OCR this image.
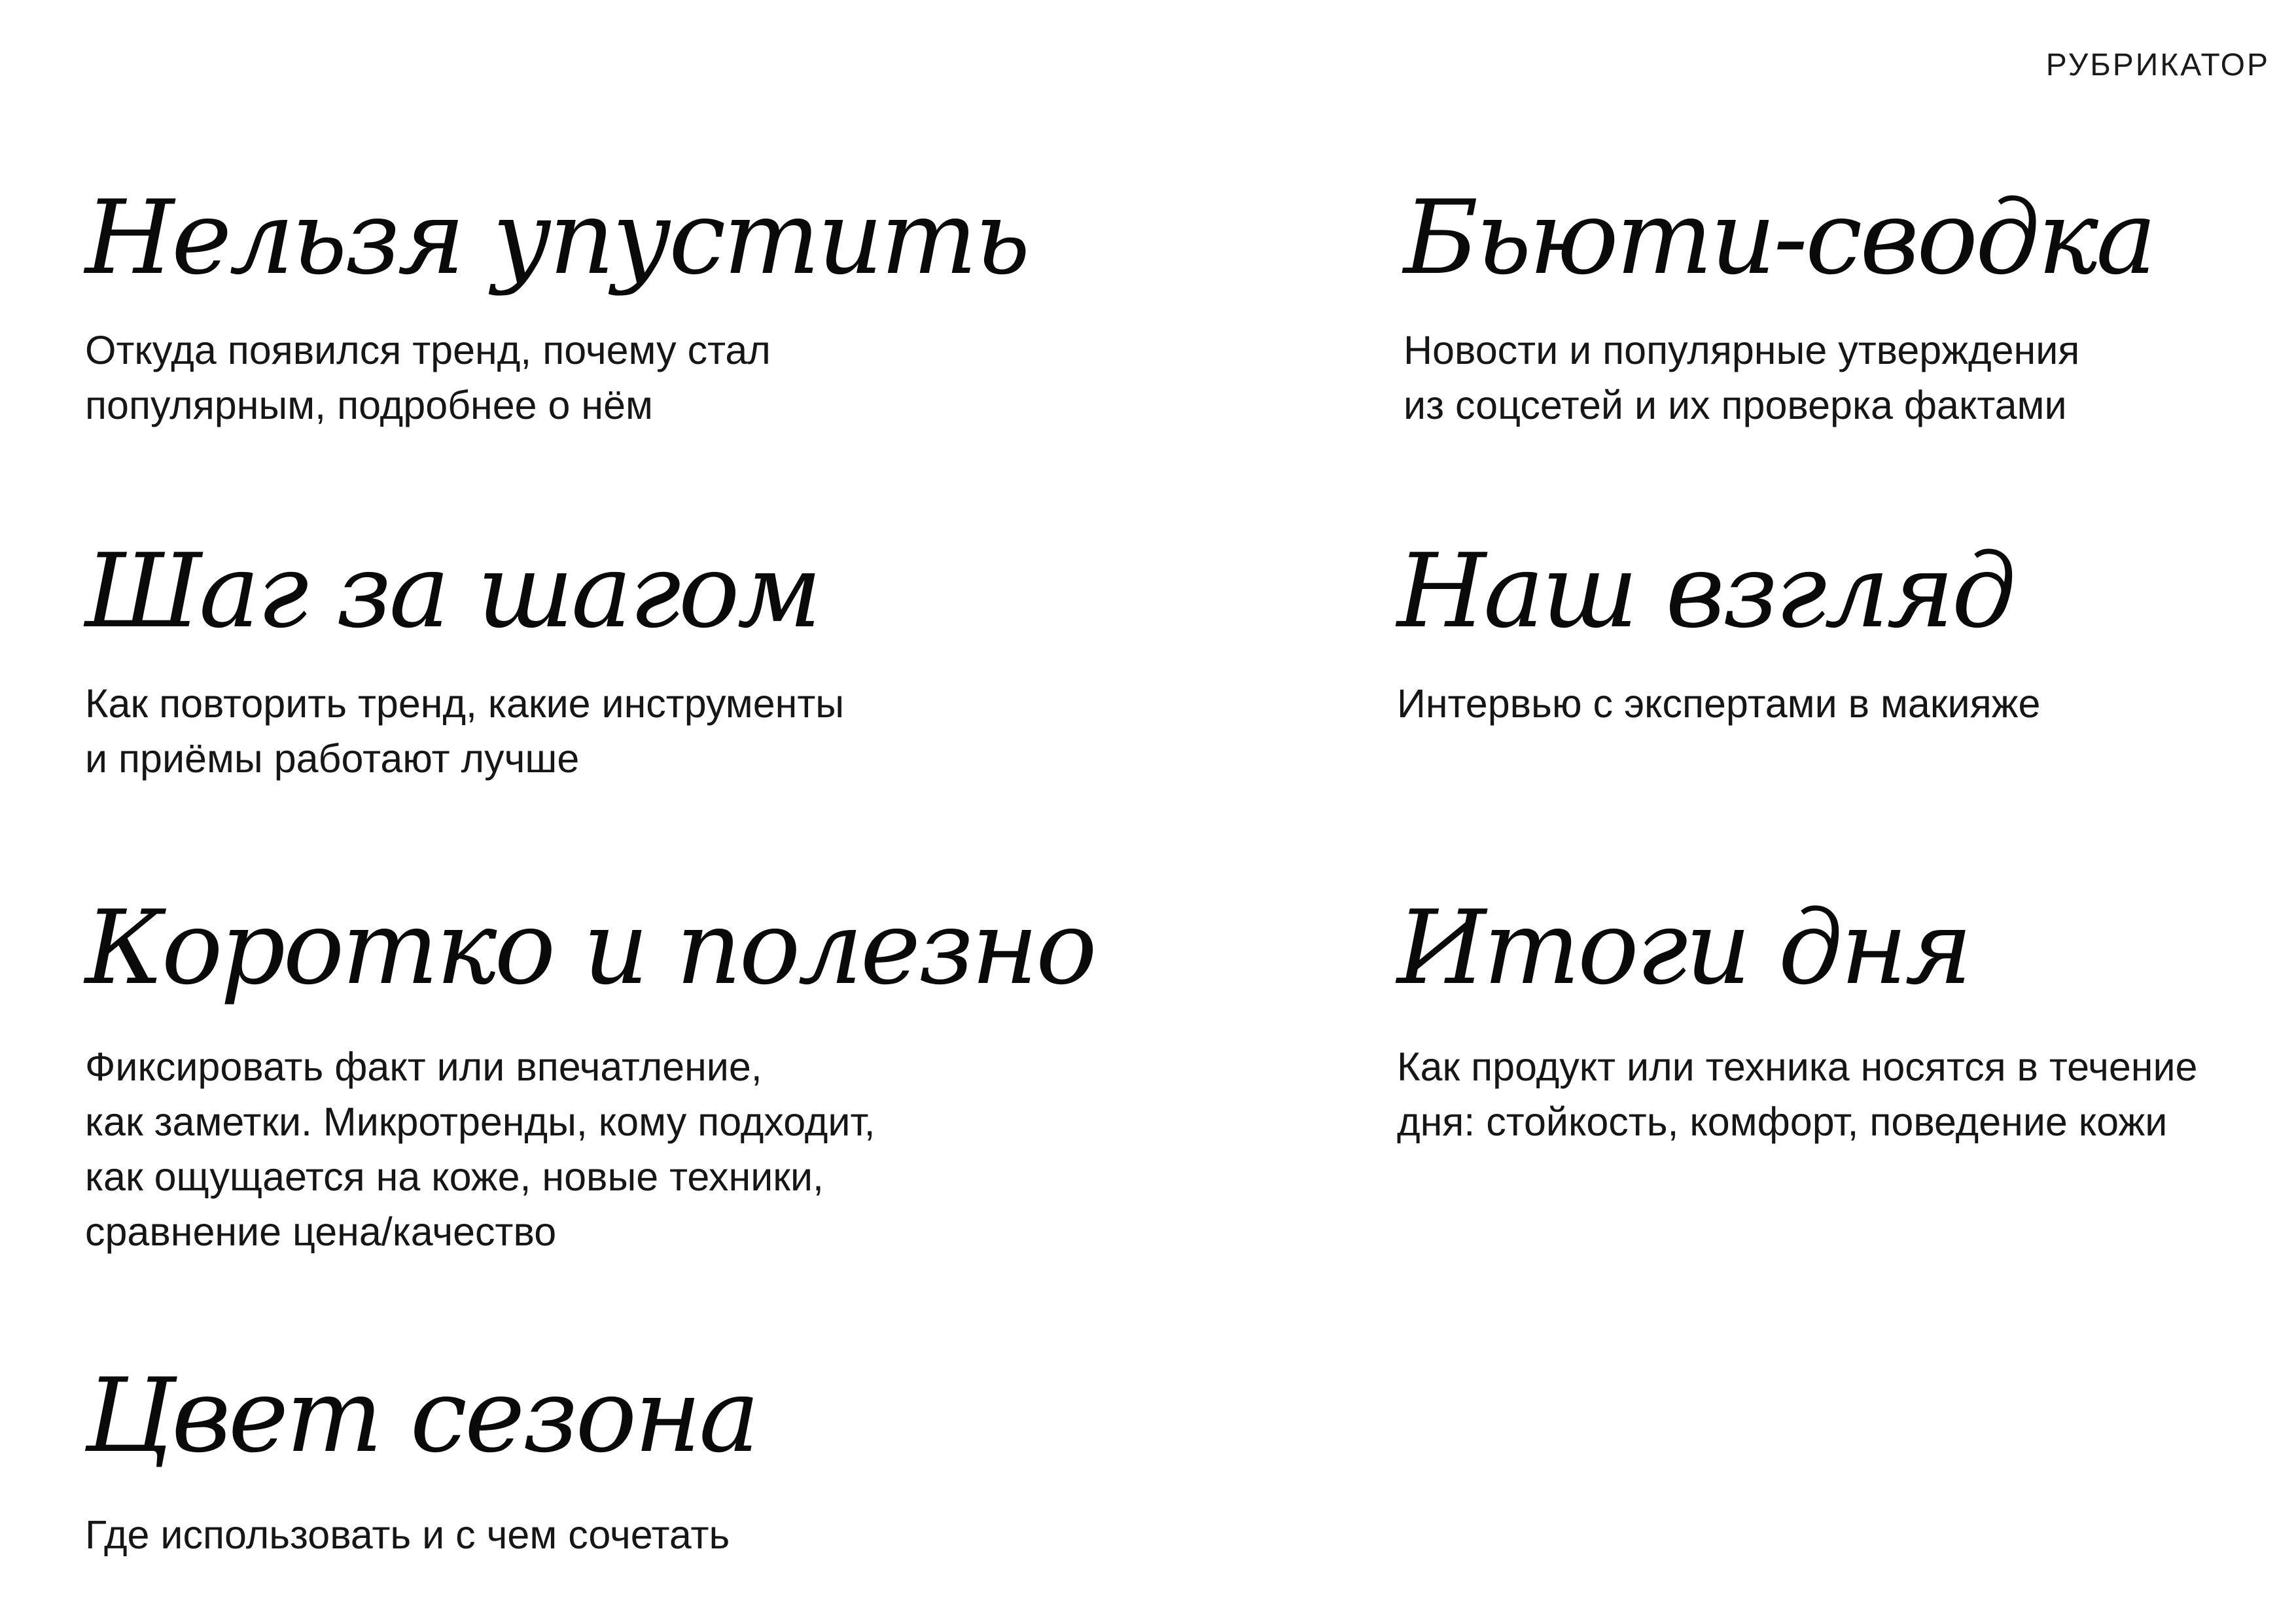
РУБРИКАТОР
Нельзя упустить
Откуда появился тренд, почему стал
популярным, подробнее о нём
Бьюти-сводка
Новости и популярные утверждения
из соцсетей и их проверка фактами
Шаг за шагом
Как повторить тренд, какие инструменты
и приёмы работают лучше
Наш взгляд
Интервью с экспертами в макияже
Коротко и полезно
Фиксировать факт или впечатление,
как заметки. Микротренды, кому подходит,
как ощущается на коже, новые техники,
сравнение цена/качество
Итоги дня
Как продукт или техника носятся в течение
дня: стойкость, комфорт, поведение кожи
Цвет сезона
Где использовать и с чем сочетать
